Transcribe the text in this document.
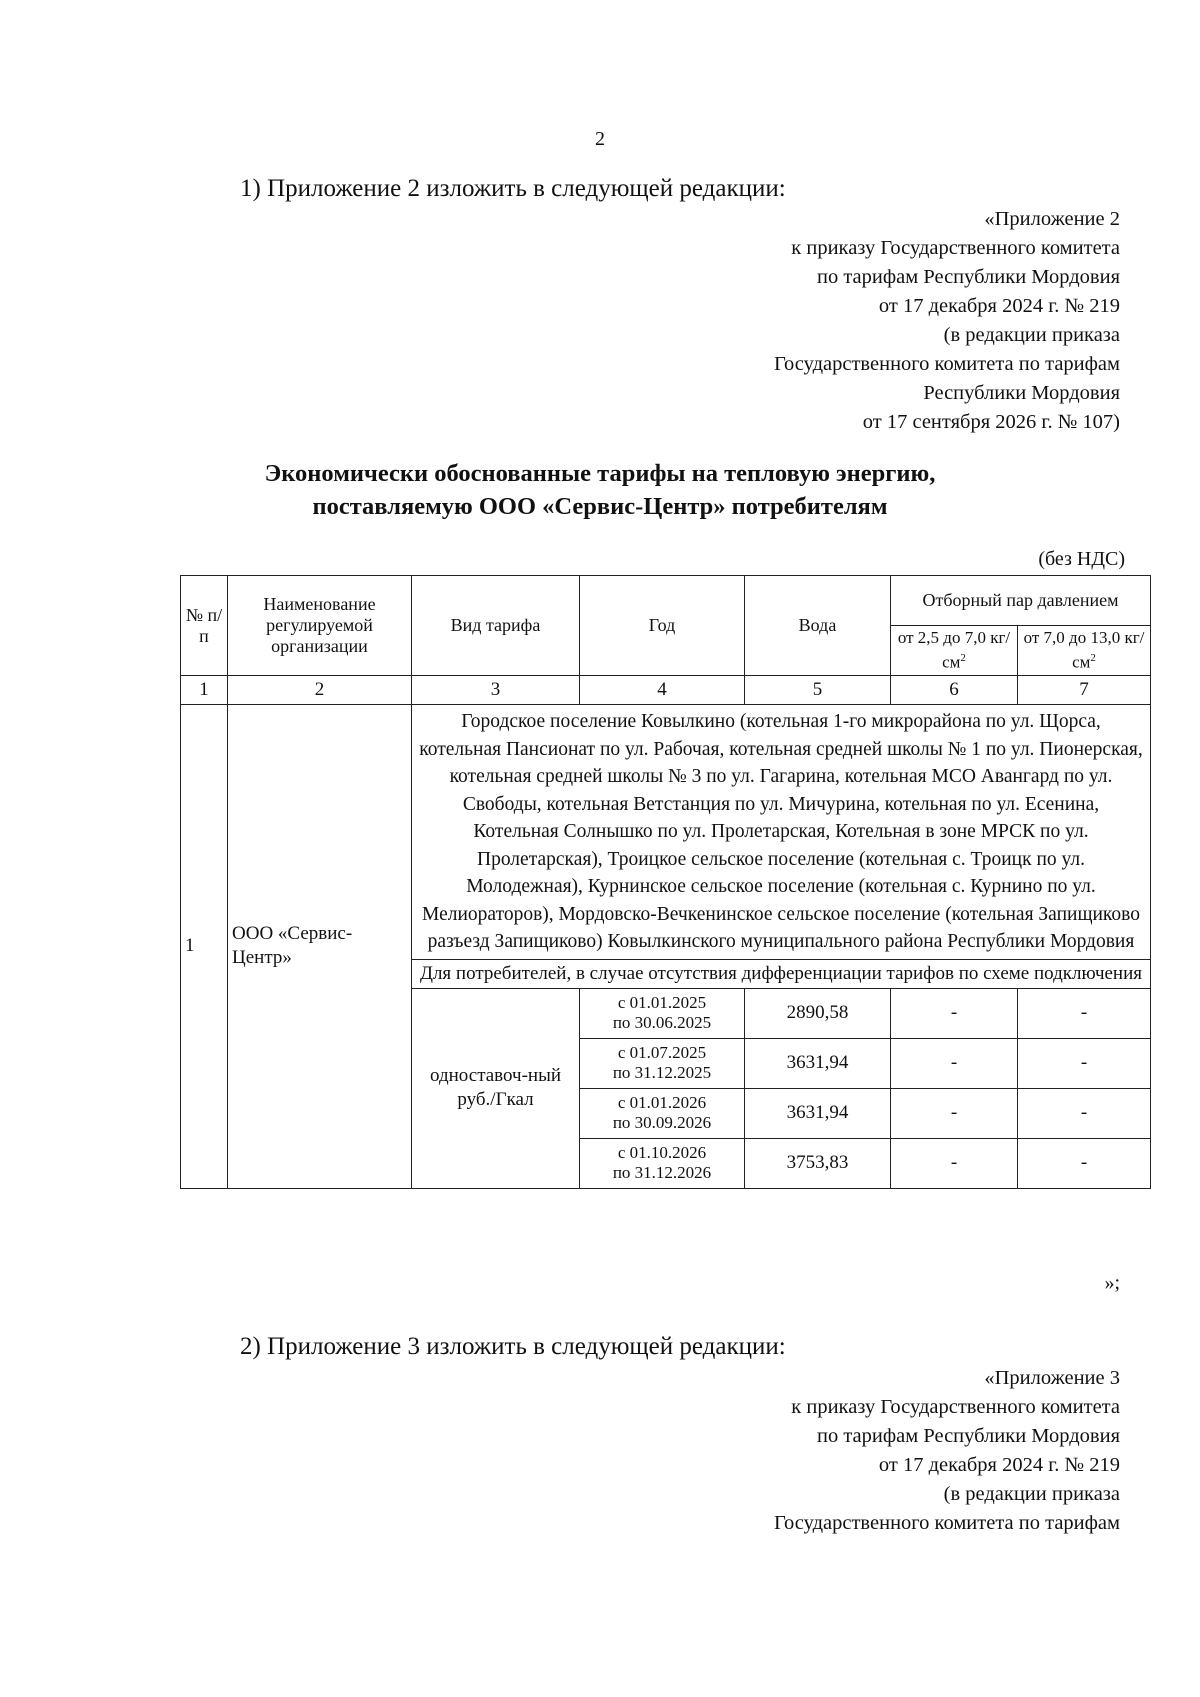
2
1) Приложение 2 изложить в следующей редакции:
«Приложение 2
к приказу Государственного комитета
по тарифам Республики Мордовия
от 17 декабря 2024 г. № 219
(в редакции приказа
Государственного комитета по тарифам
Республики Мордовия
от 17 сентября 2026 г. № 107)
Экономически обоснованные тарифы на тепловую энергию,
поставляемую ООО «Сервис-Центр» потребителям
(без НДС)
№ п/п	Наименование регулируемой организации	Вид тарифа	Год	Вода	Отборный пар давлением	
					от 2,5 до 7,0 $кг/см^2$	от 7,0 до 13,0 $кг/см^2$
1	2	3	4	5	6	7
1	ООО «Сервис-Центр»	Городское поселение Ковылкино (котельная 1-го микрорайона по ул. Щорса, котельная Пансионат по ул. Рабочая, котельная средней школы № 1 по ул. Пионерская, котельная средней школы № 3 по ул. Гагарина, котельная МСО Авангард по ул. Свободы, котельная Ветстанция по ул. Мичурина, котельная по ул. Есенина, Котельная Солнышко по ул. Пролетарская, Котельная в зоне МРСК по ул. Пролетарская), Троицкое сельское поселение (котельная с. Троицк по ул. Молодежная), Курнинское сельское поселение (котельная с. Курнино по ул. Мелиораторов), Мордовско-Вечкенинское сельское поселение (котельная Запищиково разъезд Запищиково) Ковылкинского муниципального района Республики Мордовия				
		Для потребителей, в случае отсутствия дифференциации тарифов по схеме подключения				
		одноставоч-ный руб./Гкал	с 01.01.2025
по 30.06.2025	2890,58	-	-

			с 01.07.2025
по 31.12.2025	3631,94	-	-

			с 01.01.2026
по 30.09.2026	3631,94	-	-

			с 01.10.2026
по 31.12.2026	3753,83	-	-
»;
2) Приложение 3 изложить в следующей редакции:
«Приложение 3
к приказу Государственного комитета
по тарифам Республики Мордовия
от 17 декабря 2024 г. № 219
(в редакции приказа
Государственного комитета по тарифам
